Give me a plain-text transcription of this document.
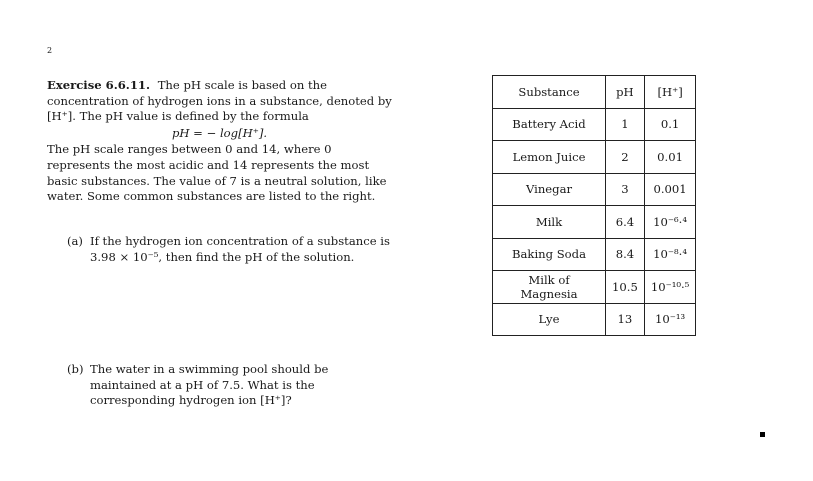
2
Exercise 6.6.11. The pH scale is based on the concentration of hydrogen ions in a substance, denoted by [H⁺]. The pH value is defined by the formula
pH = − log[H⁺].
The pH scale ranges between 0 and 14, where 0 represents the most acidic and 14 represents the most basic substances. The value of 7 is a neutral solution, like water. Some common substances are listed to the right.
(a) If the hydrogen ion concentration of a substance is 3.98 × 10⁻⁵, then find the pH of the solution.
(b) The water in a swimming pool should be maintained at a pH of 7.5. What is the corresponding hydrogen ion [H⁺]?
Substance	pH	[H⁺]
Battery Acid	1	0.1
Lemon Juice	2	0.01
Vinegar	3	0.001
Milk	6.4	10⁻⁶·⁴
Baking Soda	8.4	10⁻⁸·⁴
Milk of Magnesia	10.5	10⁻¹⁰·⁵
Lye	13	10⁻¹³
